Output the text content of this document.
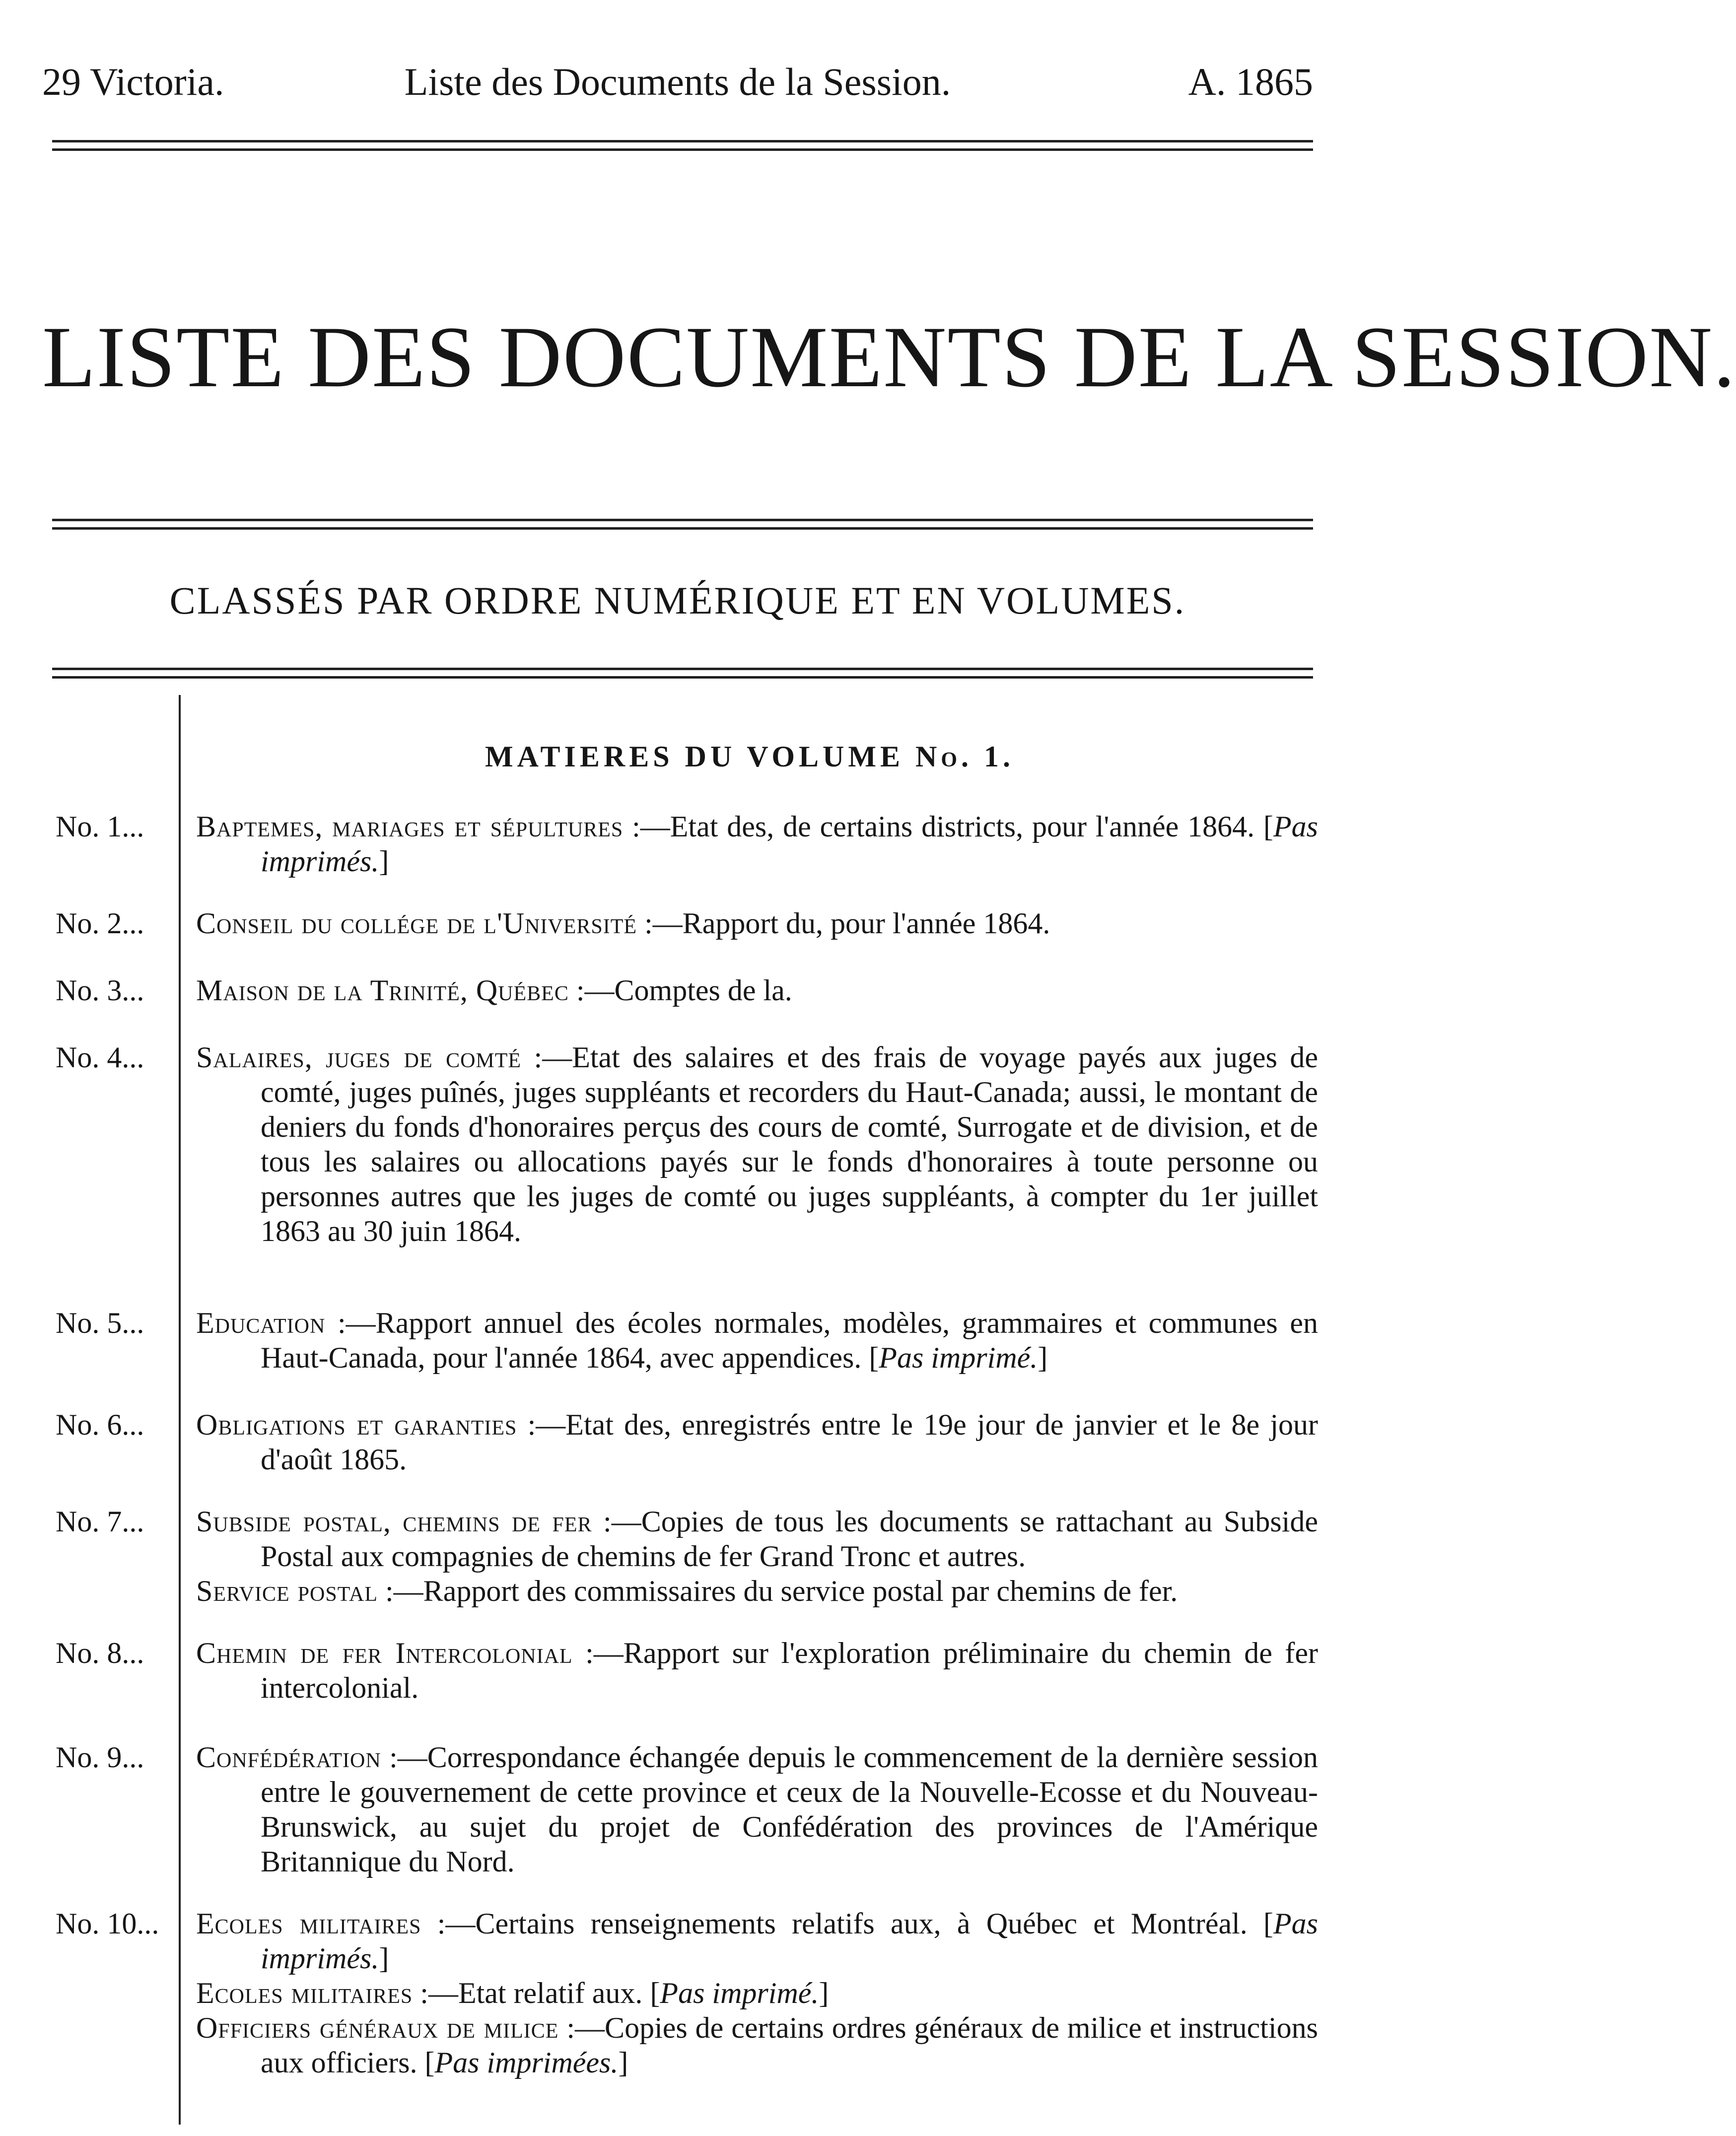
29 Victoria.	Liste des Documents de la Session.	A. 1865
LISTE DES DOCUMENTS DE LA SESSION.
CLASSÉS PAR ORDRE NUMÉRIQUE ET EN VOLUMES.
MATIERES DU VOLUME No. 1.
No. 1... Baptemes, mariages et sépultures :—Etat des, de certains districts, pour l'année 1864. [Pas imprimés.]

No. 2... Conseil du collége de l'Université :—Rapport du, pour l'année 1864.

No. 3... Maison de la Trinité, Québec :—Comptes de la.

No. 4... Salaires, juges de comté :—Etat des salaires et des frais de voyage payés aux juges de comté, juges puînés, juges suppléants et recorders du Haut-Canada; aussi, le montant de deniers du fonds d'honoraires perçus des cours de comté, Surrogate et de division, et de tous les salaires ou allocations payés sur le fonds d'honoraires à toute personne ou personnes autres que les juges de comté ou juges suppléants, à compter du 1er juillet 1863 au 30 juin 1864.

No. 5... Education :—Rapport annuel des écoles normales, modèles, grammaires et communes en Haut-Canada, pour l'année 1864, avec appendices. [Pas imprimé.]

No. 6... Obligations et garanties :—Etat des, enregistrés entre le 19e jour de janvier et le 8e jour d'août 1865.

No. 7... Subside postal, chemins de fer :—Copies de tous les documents se rattachant au Subside Postal aux compagnies de chemins de fer Grand Tronc et autres.

Service postal :—Rapport des commissaires du service postal par chemins de fer.

No. 8... Chemin de fer Intercolonial :—Rapport sur l'exploration préliminaire du chemin de fer intercolonial.

No. 9... Confédération :—Correspondance échangée depuis le commencement de la dernière session entre le gouvernement de cette province et ceux de la Nouvelle-Ecosse et du Nouveau-Brunswick, au sujet du projet de Confédération des provinces de l'Amérique Britannique du Nord.

No. 10... Ecoles militaires :—Certains renseignements relatifs aux, à Québec et Montréal. [Pas imprimés.]

Ecoles militaires :—Etat relatif aux. [Pas imprimé.]

Officiers généraux de milice :—Copies de certains ordres généraux de milice et instructions aux officiers. [Pas imprimées.]
